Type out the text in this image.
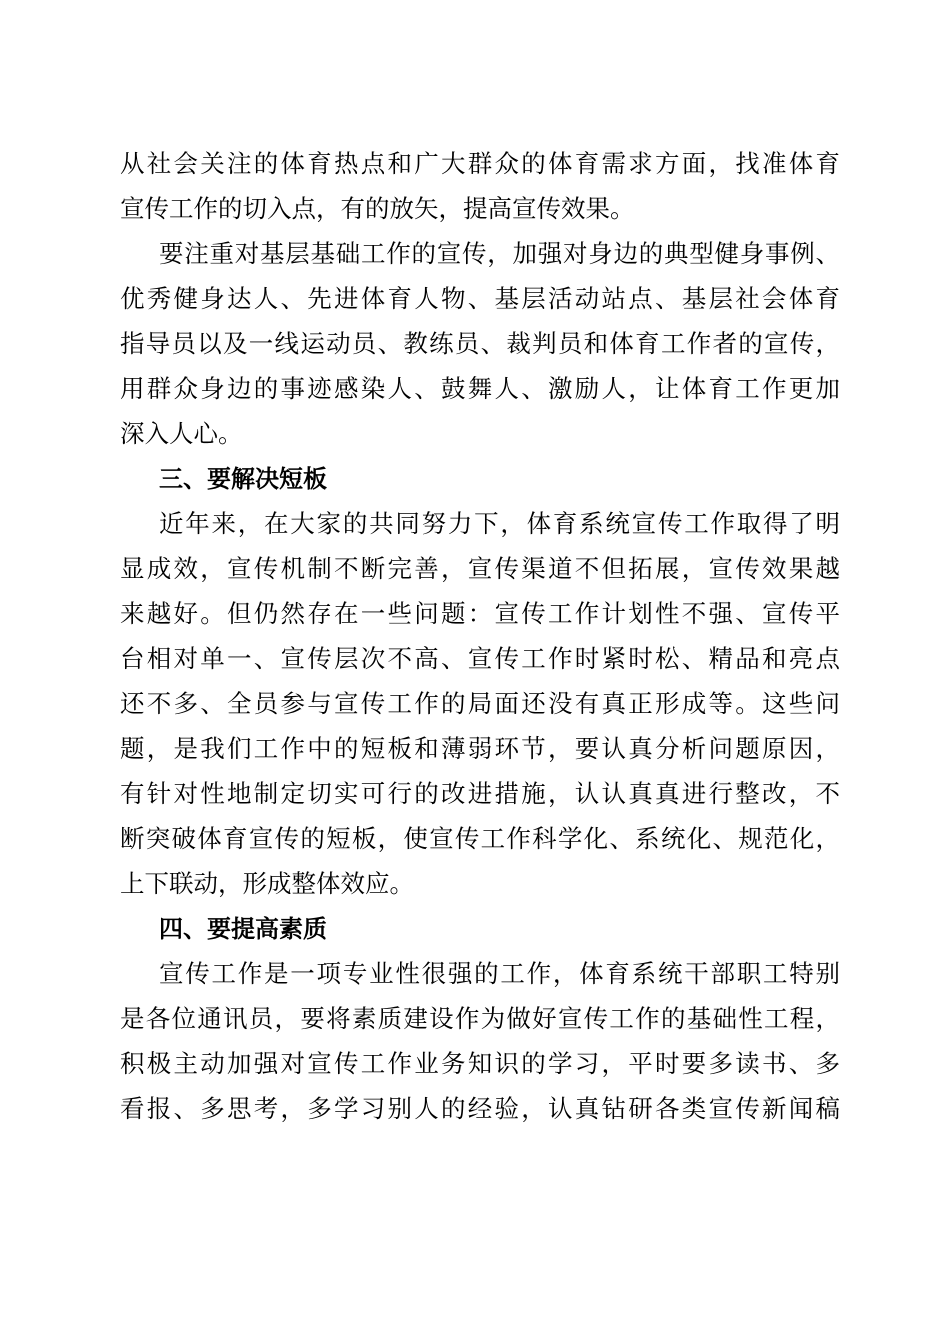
从社会关注的体育热点和广大群众的体育需求方面，找准体育
宣传工作的切入点，有的放矢，提高宣传效果。
要注重对基层基础工作的宣传，加强对身边的典型健身事例、
优秀健身达人、先进体育人物、基层活动站点、基层社会体育
指导员以及一线运动员、教练员、裁判员和体育工作者的宣传，
用群众身边的事迹感染人、鼓舞人、激励人，让体育工作更加
深入人心。
三、要解决短板
近年来，在大家的共同努力下，体育系统宣传工作取得了明
显成效，宣传机制不断完善，宣传渠道不但拓展，宣传效果越
来越好。但仍然存在一些问题：宣传工作计划性不强、宣传平
台相对单一、宣传层次不高、宣传工作时紧时松、精品和亮点
还不多、全员参与宣传工作的局面还没有真正形成等。这些问
题，是我们工作中的短板和薄弱环节，要认真分析问题原因，
有针对性地制定切实可行的改进措施，认认真真进行整改，不
断突破体育宣传的短板，使宣传工作科学化、系统化、规范化，
上下联动，形成整体效应。
四、要提高素质
宣传工作是一项专业性很强的工作，体育系统干部职工特别
是各位通讯员，要将素质建设作为做好宣传工作的基础性工程，
积极主动加强对宣传工作业务知识的学习，平时要多读书、多
看报、多思考，多学习别人的经验，认真钻研各类宣传新闻稿
